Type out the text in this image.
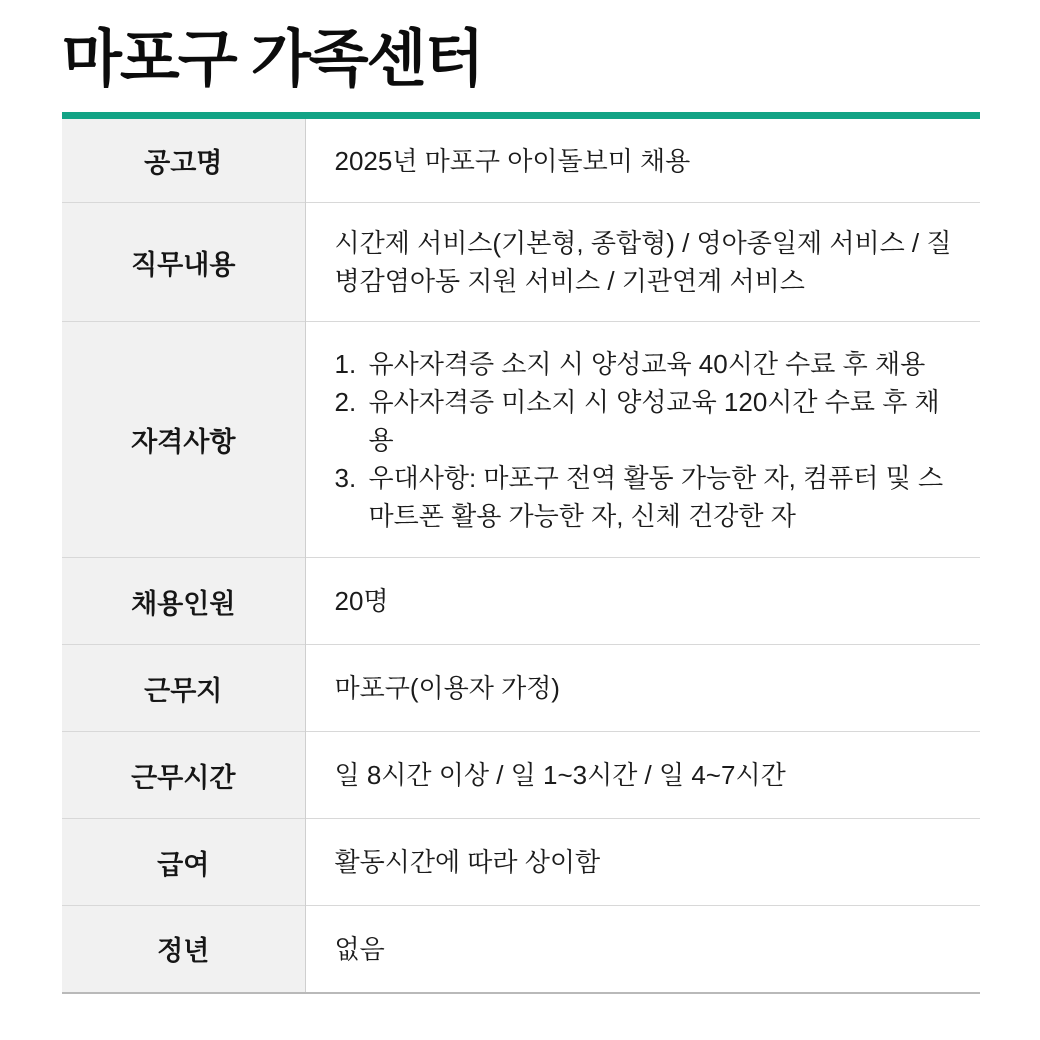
마포구 가족센터
공고명	2025년 마포구 아이돌보미 채용
직무내용	시간제 서비스(기본형, 종합형) / 영아종일제 서비스 / 질병감염아동 지원 서비스 / 기관연계 서비스
자격사항	
1. 유사자격증 소지 시 양성교육 40시간 수료 후 채용
2. 유사자격증 미소지 시 양성교육 120시간 수료 후 채용
3. 우대사항: 마포구 전역 활동 가능한 자, 컴퓨터 및 스마트폰 활용 가능한 자, 신체 건강한 자

채용인원	20명
근무지	마포구(이용자 가정)
근무시간	일 8시간 이상 / 일 1~3시간 / 일 4~7시간
급여	활동시간에 따라 상이함
정년	없음
